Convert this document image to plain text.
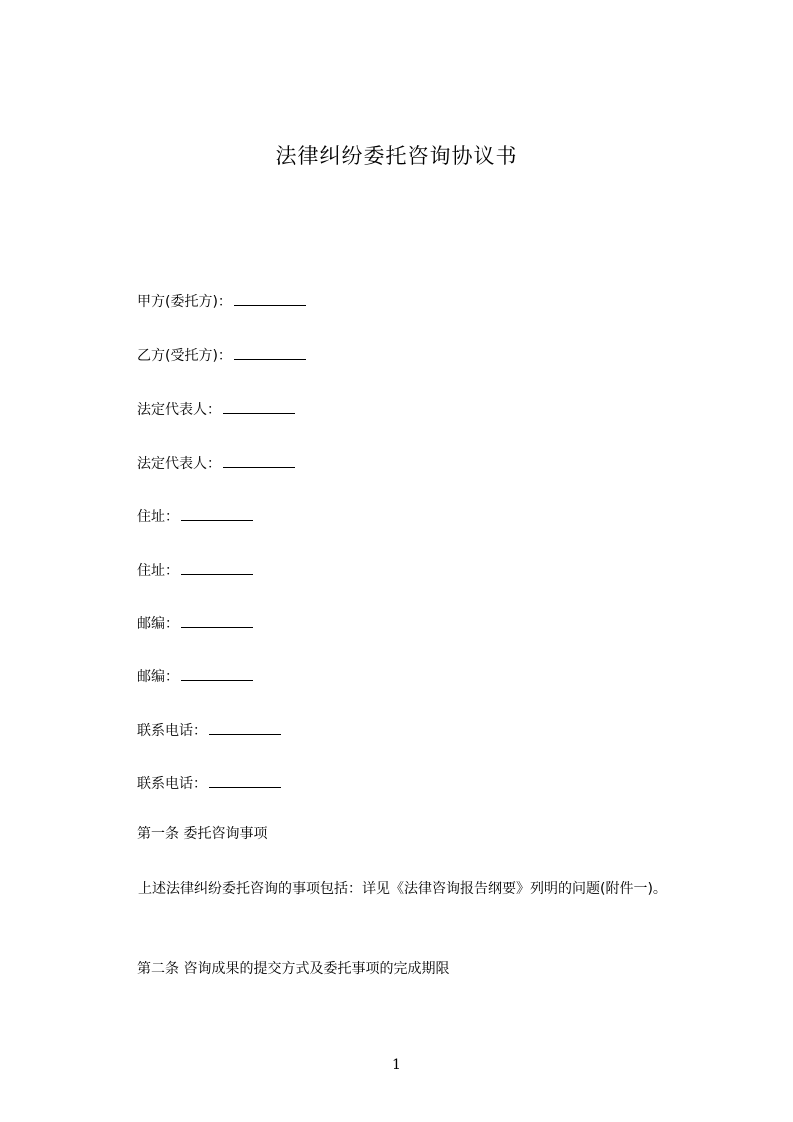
法律纠纷委托咨询协议书
甲方(委托方)：
乙方(受托方)：
法定代表人：
法定代表人：
住址：
住址：
邮编：
邮编：
联系电话：
联系电话：
第一条 委托咨询事项
上述法律纠纷委托咨询的事项包括：详见《法律咨询报告纲要》列明的问题(附件一)。
第二条 咨询成果的提交方式及委托事项的完成期限
1
